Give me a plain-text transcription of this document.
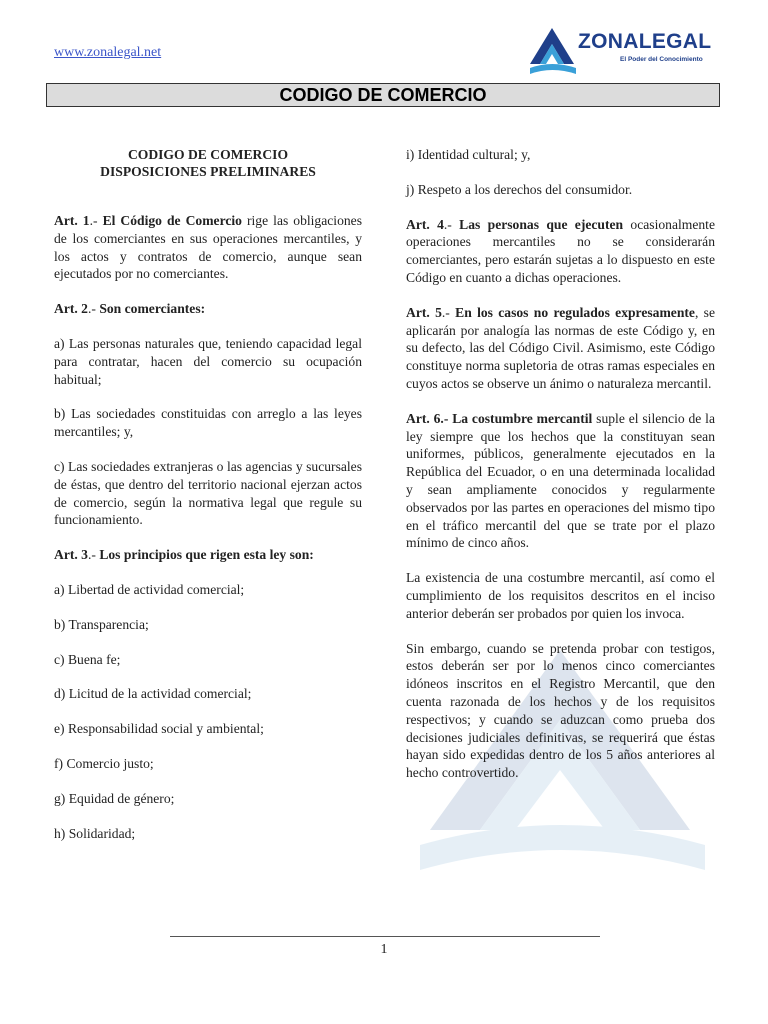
www.zonalegal.net	ZONALEGAL
El Poder del Conocimiento
CODIGO DE COMERCIO

CODIGO DE COMERCIO
DISPOSICIONES PRELIMINARES

Art. 1.- El Código de Comercio rige las obligaciones de los comerciantes en sus operaciones mercantiles, y los actos y contratos de comercio, aunque sean ejecutados por no comerciantes.

Art. 2.- Son comerciantes:

a) Las personas naturales que, teniendo capacidad legal para contratar, hacen del comercio su ocupación habitual;

b) Las sociedades constituidas con arreglo a las leyes mercantiles; y,

c) Las sociedades extranjeras o las agencias y sucursales de éstas, que dentro del territorio nacional ejerzan actos de comercio, según la normativa legal que regule su funcionamiento.

Art. 3.- Los principios que rigen esta ley son:

a) Libertad de actividad comercial;

b) Transparencia;

c) Buena fe;

d) Licitud de la actividad comercial;

e) Responsabilidad social y ambiental;

f) Comercio justo;

g) Equidad de género;

h) Solidaridad;

i) Identidad cultural; y,

j) Respeto a los derechos del consumidor.

Art. 4.- Las personas que ejecuten ocasionalmente operaciones mercantiles no se considerarán comerciantes, pero estarán sujetas a lo dispuesto en este Código en cuanto a dichas operaciones.

Art. 5.- En los casos no regulados expresamente, se aplicarán por analogía las normas de este Código y, en su defecto, las del Código Civil. Asimismo, este Código constituye norma supletoria de otras ramas especiales en cuyos actos se observe un ánimo o naturaleza mercantil.

Art. 6.- La costumbre mercantil suple el silencio de la ley siempre que los hechos que la constituyan sean uniformes, públicos, generalmente ejecutados en la República del Ecuador, o en una determinada localidad y sean ampliamente conocidos y regularmente observados por las partes en operaciones del mismo tipo en el tráfico mercantil del que se trate por el plazo mínimo de cinco años.

La existencia de una costumbre mercantil, así como el cumplimiento de los requisitos descritos en el inciso anterior deberán ser probados por quien los invoca.

Sin embargo, cuando se pretenda probar con testigos, estos deberán ser por lo menos cinco comerciantes idóneos inscritos en el Registro Mercantil, que den cuenta razonada de los hechos y de los requisitos respectivos; y cuando se aduzcan como prueba dos decisiones judiciales definitivas, se requerirá que éstas hayan sido expedidas dentro de los 5 años anteriores al hecho controvertido.

1
